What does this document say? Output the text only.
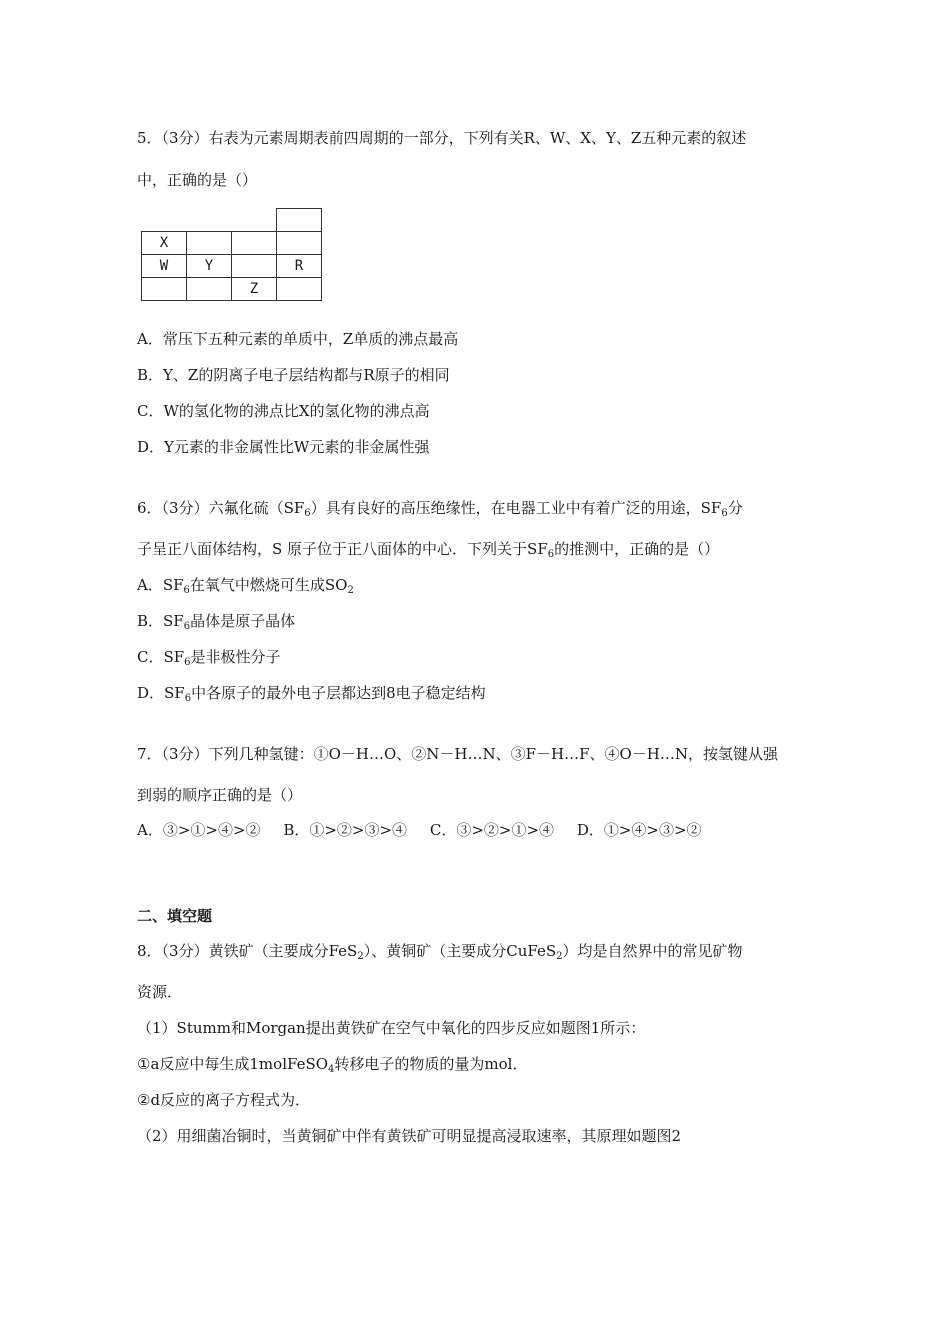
5．（3分）右表为元素周期表前四周期的一部分，下列有关R、W、X、Y、Z五种元素的叙述
中，正确的是（）

X			
W	Y		R
		Z	
A．常压下五种元素的单质中，Z单质的沸点最高
B．Y、Z的阴离子电子层结构都与R原子的相同
C．W的氢化物的沸点比X的氢化物的沸点高
D．Y元素的非金属性比W元素的非金属性强
6．（3分）六氟化硫$(SF_6)$具有良好的高压绝缘性，在电器工业中有着广泛的用途，$SF_6$分
子呈正八面体结构，S 原子位于正八面体的中心．下列关于$SF_6$的推测中，正确的是（）
A．$SF_6$在氧气中燃烧可生成$SO_2$
B．$SF_6$晶体是原子晶体
C．$SF_6$是非极性分子
D．$SF_6$中各原子的最外电子层都达到8电子稳定结构
7．（3分）下列几种氢键：①O－H…O、②N－H…N、③F－H…F、④O－H…N，按氢键从强
到弱的顺序正确的是（）
A．③>①>④>② B．①>②>③>④ C．③>②>①>④ D．①>④>③>②
二、填空题
8．（3分）黄铁矿（主要成分FeS$_2$）、黄铜矿（主要成分CuFeS$_2$）均是自然界中的常见矿物
资源．
（1）Stumm和Morgan提出黄铁矿在空气中氧化的四步反应如题图1所示：
①a反应中每生成1molFeSO$_4$转移电子的物质的量为mol．
②d反应的离子方程式为．
（2）用细菌冶铜时，当黄铜矿中伴有黄铁矿可明显提高浸取速率，其原理如题图2
